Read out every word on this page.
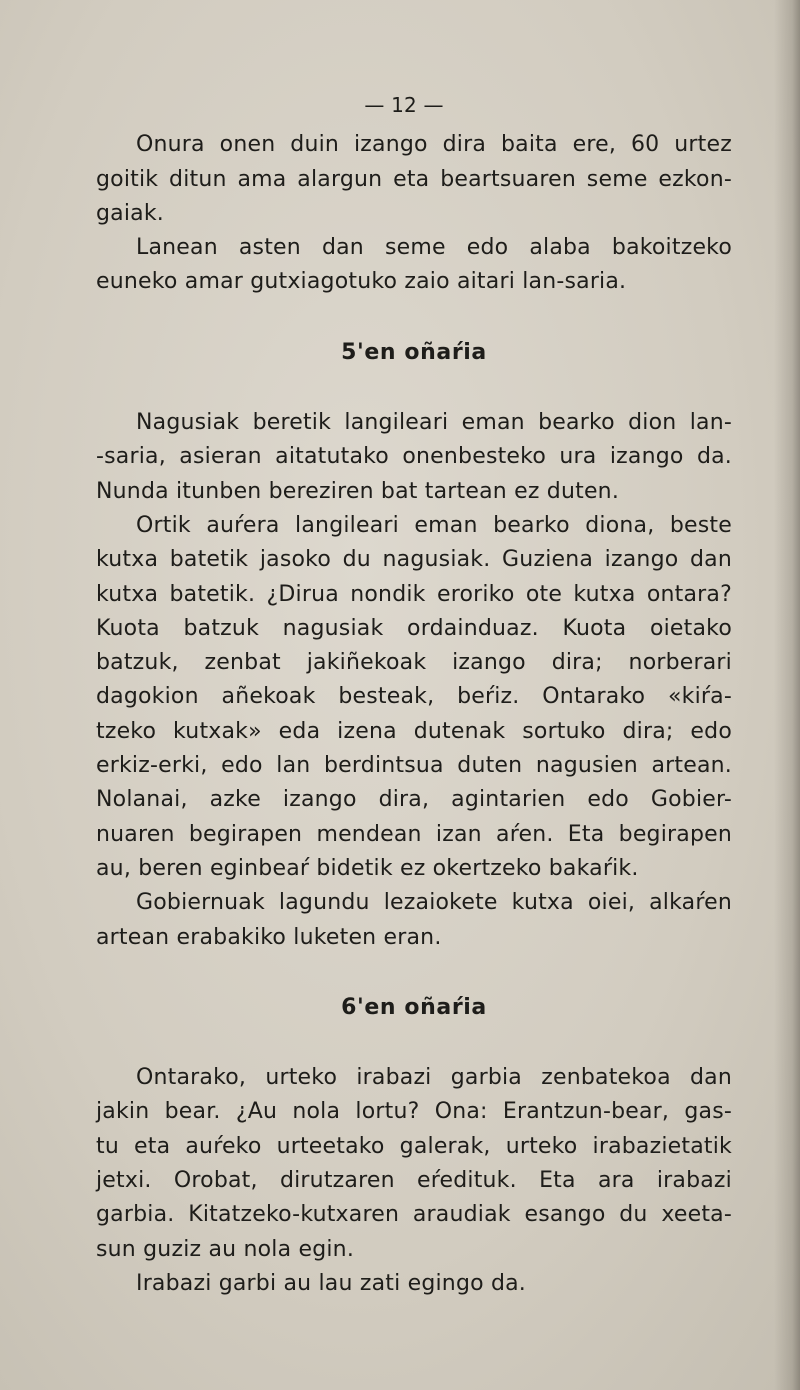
— 12 —

Onura onen duin izango dira baita ere, 60 urtez
goitik ditun ama alargun eta beartsuaren seme ezkon-
gaiak.

Lanean asten dan seme edo alaba bakoitzeko
euneko amar gutxiagotuko zaio aitari lan-saria.

5'en oñaŕia

Nagusiak beretik langileari eman bearko dion lan-
-saria, asieran aitatutako onenbesteko ura izango da.
Nunda itunben bereziren bat tartean ez duten.

Ortik auŕera langileari eman bearko diona, beste
kutxa batetik jasoko du nagusiak. Guziena izango dan
kutxa batetik. ¿Dirua nondik eroriko ote kutxa ontara?
Kuota batzuk nagusiak ordainduaz. Kuota oietako
batzuk, zenbat jakiñekoak izango dira; norberari
dagokion añekoak besteak, beŕiz. Ontarako «kiŕa-
tzeko kutxak» eda izena dutenak sortuko dira; edo
erkiz-erki, edo lan berdintsua duten nagusien artean.
Nolanai, azke izango dira, agintarien edo Gobier-
nuaren begirapen mendean izan aŕen. Eta begirapen
au, beren eginbeaŕ bidetik ez okertzeko bakaŕik.

Gobiernuak lagundu lezaiokete kutxa oiei, alkaŕen
artean erabakiko luketen eran.

6'en oñaŕia

Ontarako, urteko irabazi garbia zenbatekoa dan
jakin bear. ¿Au nola lortu? Ona: Erantzun-bear, gas-
tu eta auŕeko urteetako galerak, urteko irabazietatik
jetxi. Orobat, dirutzaren eŕedituk. Eta ara irabazi
garbia. Kitatzeko-kutxaren araudiak esango du xeeta-
sun guziz au nola egin.

Irabazi garbi au lau zati egingo da.
